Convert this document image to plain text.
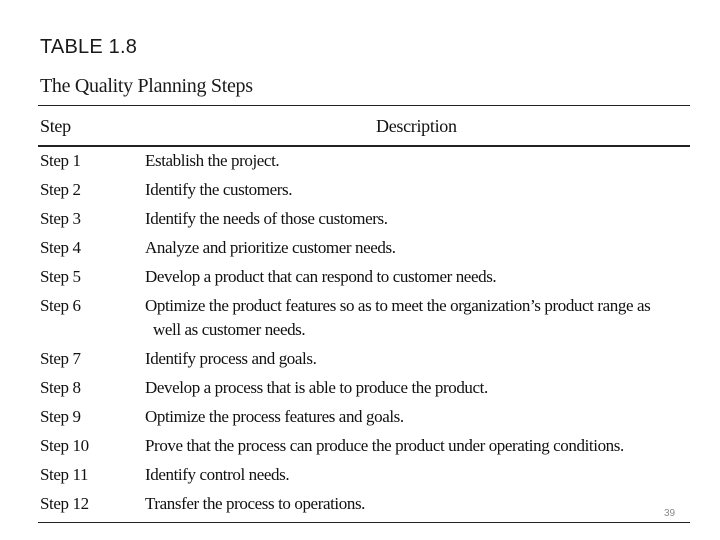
TABLE 1.8
The Quality Planning Steps
Step	Description
Step 1	Establish the project.
Step 2	Identify the customers.
Step 3	Identify the needs of those customers.
Step 4	Analyze and prioritize customer needs.
Step 5	Develop a product that can respond to customer needs.
Step 6	Optimize the product features so as to meet the organization’s product range as
well as customer needs.
Step 7	Identify process and goals.
Step 8	Develop a process that is able to produce the product.
Step 9	Optimize the process features and goals.
Step 10	Prove that the process can produce the product under operating conditions.
Step 11	Identify control needs.
Step 12	Transfer the process to operations.
39
